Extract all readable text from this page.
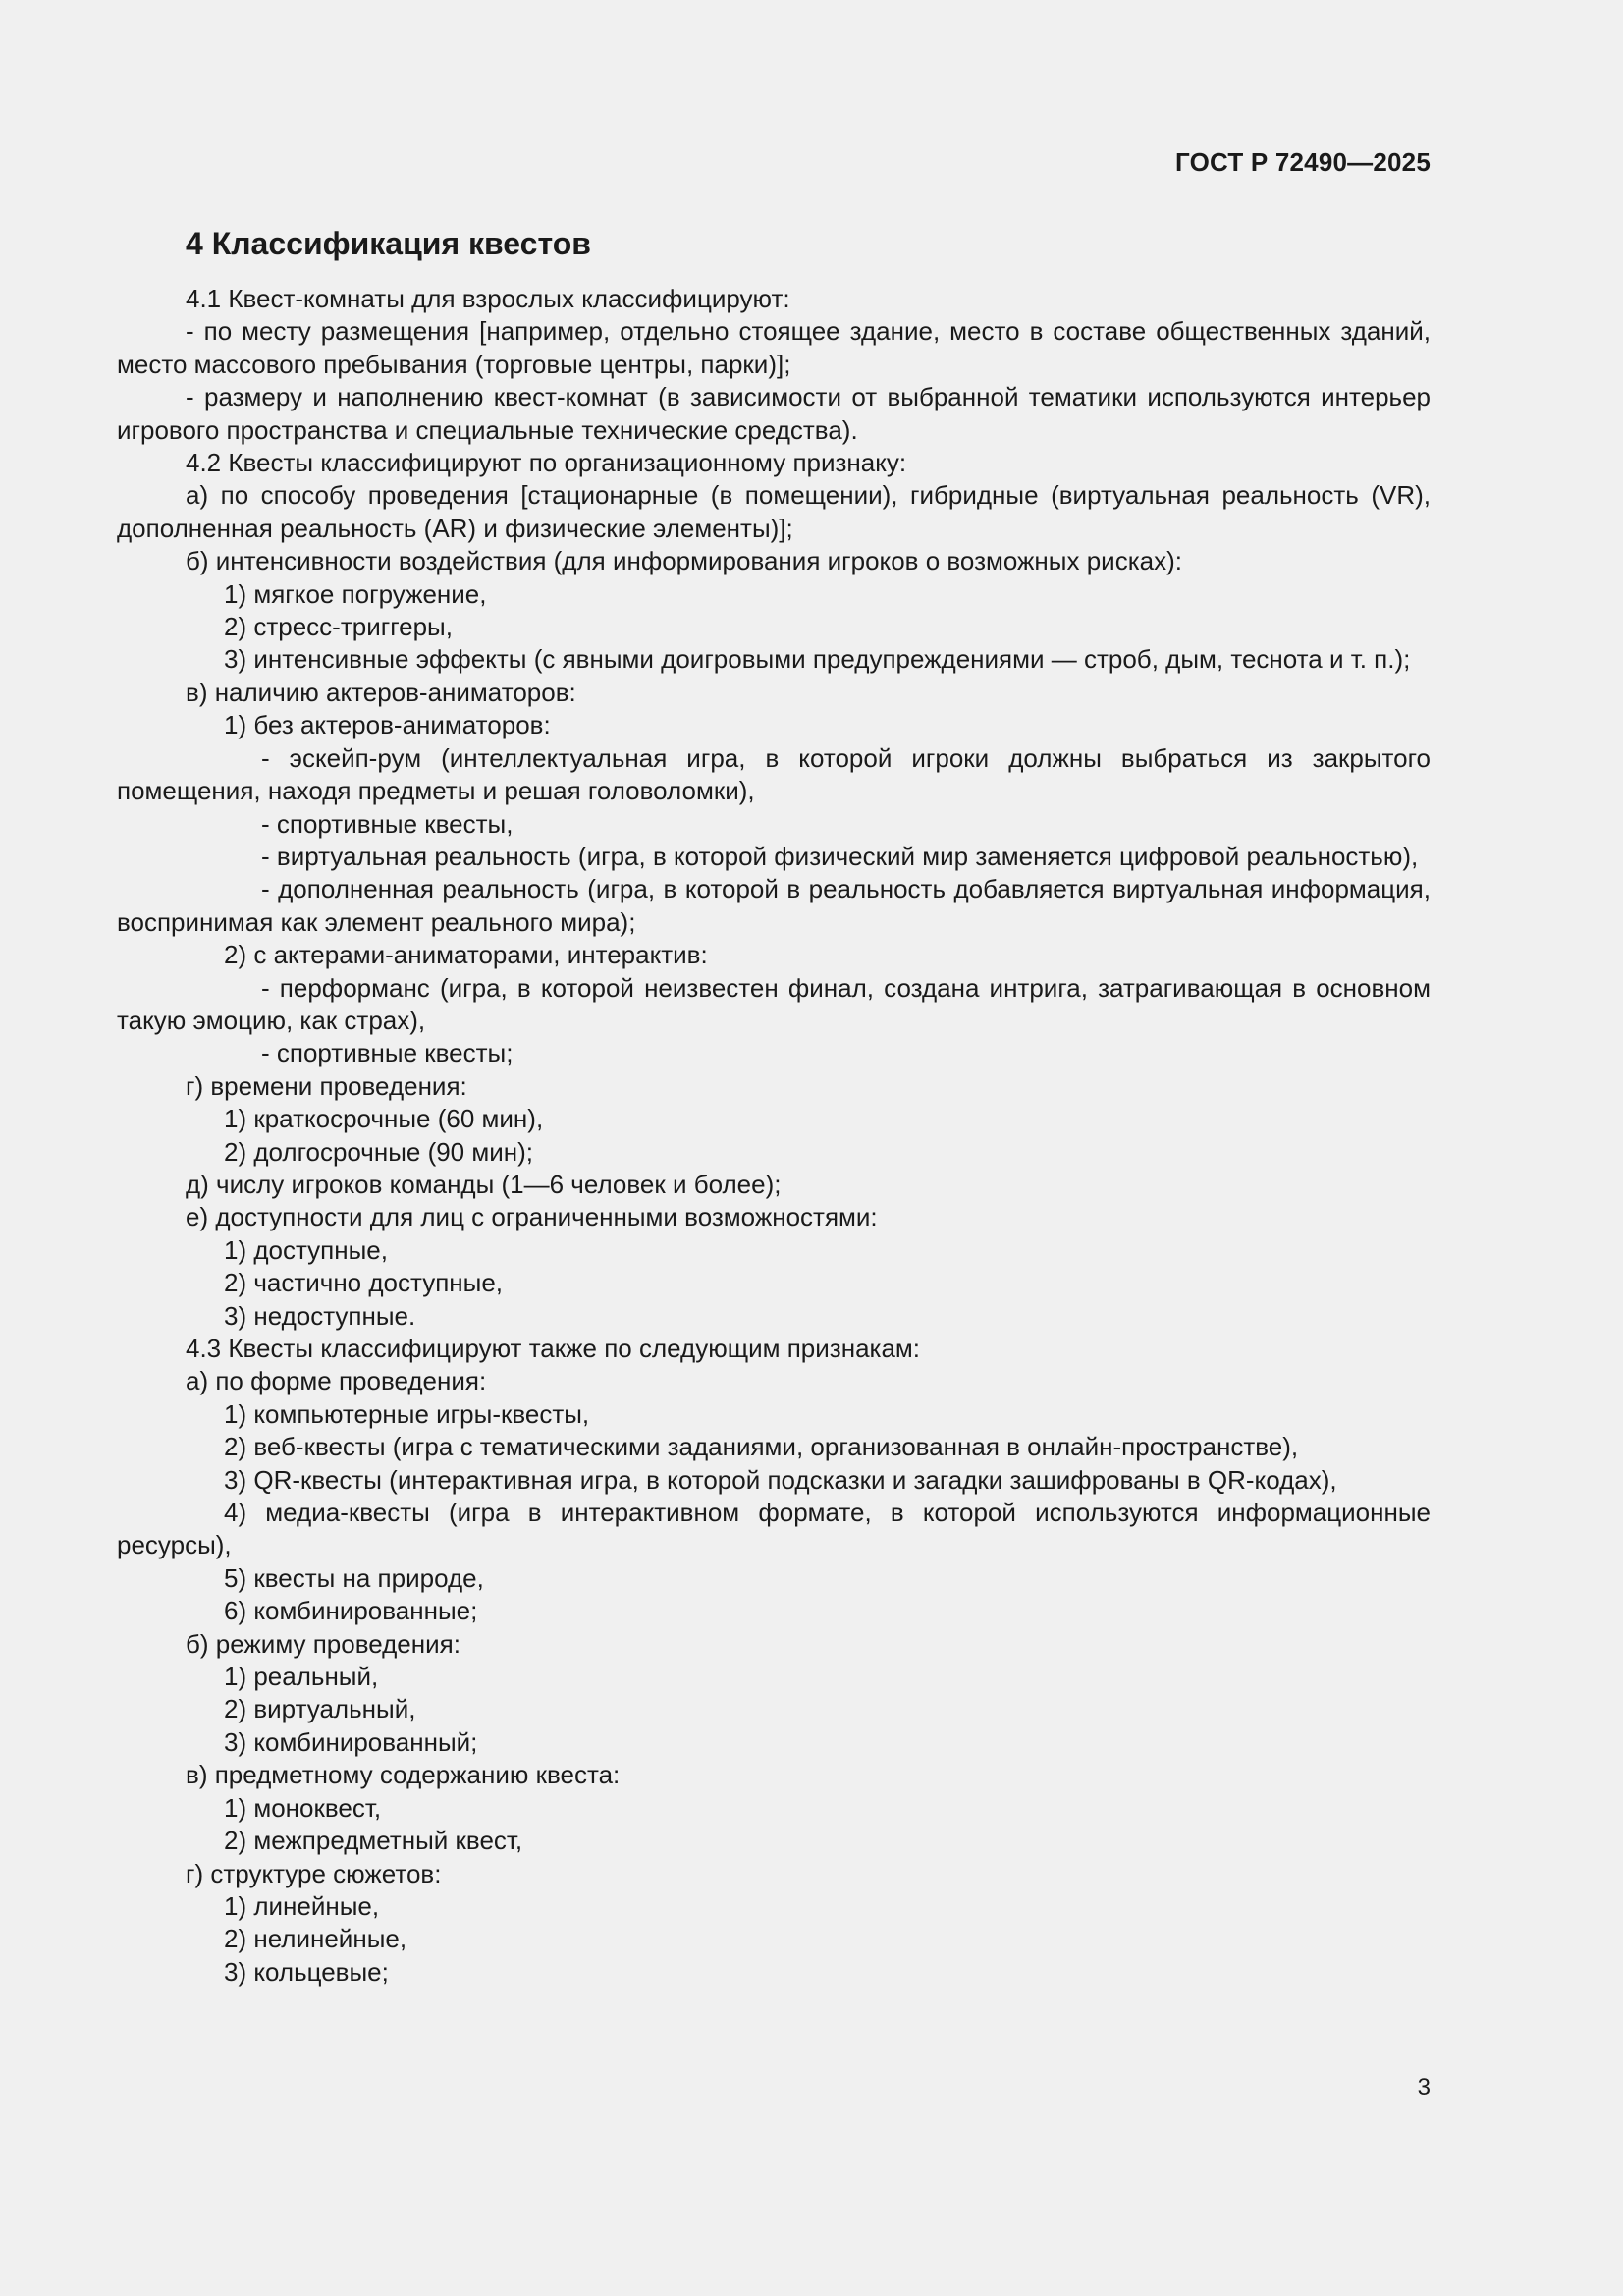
ГОСТ Р 72490—2025
4 Классификация квестов

4.1 Квест-комнаты для взрослых классифицируют:

- по месту размещения [например, отдельно стоящее здание, место в составе общественных зданий, место массового пребывания (торговые центры, парки)];

- размеру и наполнению квест-комнат (в зависимости от выбранной тематики используются интерьер игрового пространства и специальные технические средства).

4.2 Квесты классифицируют по организационному признаку:

а) по способу проведения [стационарные (в помещении), гибридные (виртуальная реальность (VR), дополненная реальность (AR) и физические элементы)];

б) интенсивности воздействия (для информирования игроков о возможных рисках):

1) мягкое погружение,

2) стресс-триггеры,

3) интенсивные эффекты (с явными доигровыми предупреждениями — строб, дым, теснота и т. п.);

в) наличию актеров-аниматоров:

1) без актеров-аниматоров:

- эскейп-рум (интеллектуальная игра, в которой игроки должны выбраться из закрытого помещения, находя предметы и решая головоломки),

- спортивные квесты,

- виртуальная реальность (игра, в которой физический мир заменяется цифровой реальностью),

- дополненная реальность (игра, в которой в реальность добавляется виртуальная информация, воспринимая как элемент реального мира);

2) с актерами-аниматорами, интерактив:

- перформанс (игра, в которой неизвестен финал, создана интрига, затрагивающая в основном такую эмоцию, как страх),

- спортивные квесты;

г) времени проведения:

1) краткосрочные (60 мин),

2) долгосрочные (90 мин);

д) числу игроков команды (1—6 человек и более);

е) доступности для лиц с ограниченными возможностями:

1) доступные,

2) частично доступные,

3) недоступные.

4.3 Квесты классифицируют также по следующим признакам:

а) по форме проведения:

1) компьютерные игры-квесты,

2) веб-квесты (игра с тематическими заданиями, организованная в онлайн-пространстве),

3) QR-квесты (интерактивная игра, в которой подсказки и загадки зашифрованы в QR-кодах),

4) медиа-квесты (игра в интерактивном формате, в которой используются информационные ресурсы),

5) квесты на природе,

6) комбинированные;

б) режиму проведения:

1) реальный,

2) виртуальный,

3) комбинированный;

в) предметному содержанию квеста:

1) моноквест,

2) межпредметный квест,

г) структуре сюжетов:

1) линейные,

2) нелинейные,

3) кольцевые;

3
